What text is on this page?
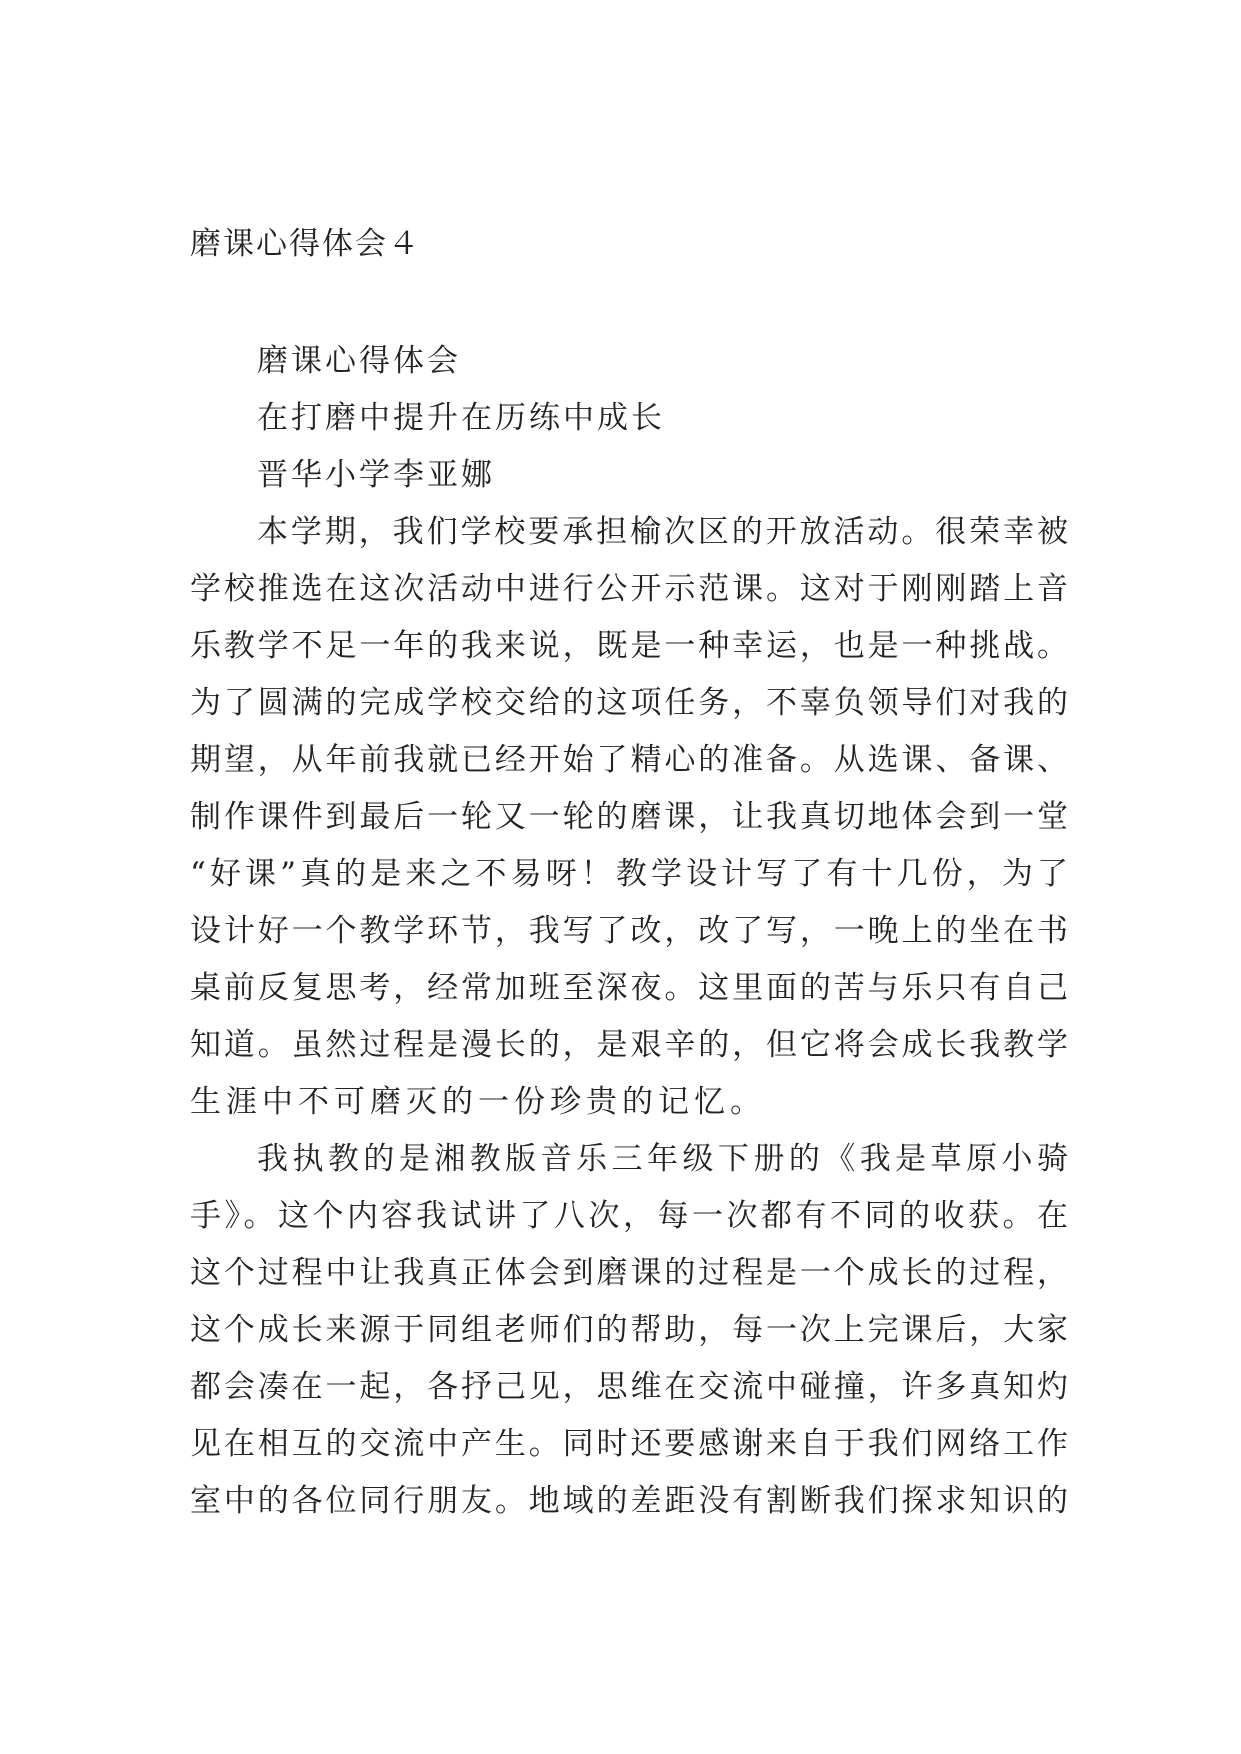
磨课心得体会４
磨课心得体会
在打磨中提升在历练中成长
晋华小学李亚娜
本学期，我们学校要承担榆次区的开放活动。很荣幸被
学校推选在这次活动中进行公开示范课。这对于刚刚踏上音
乐教学不足一年的我来说，既是一种幸运，也是一种挑战。
为了圆满的完成学校交给的这项任务，不辜负领导们对我的
期望，从年前我就已经开始了精心的准备。从选课、备课、
制作课件到最后一轮又一轮的磨课，让我真切地体会到一堂
“好课”真的是来之不易呀！教学设计写了有十几份，为了
设计好一个教学环节，我写了改，改了写，一晚上的坐在书
桌前反复思考，经常加班至深夜。这里面的苦与乐只有自己
知道。虽然过程是漫长的，是艰辛的，但它将会成长我教学
生涯中不可磨灭的一份珍贵的记忆。
我执教的是湘教版音乐三年级下册的《我是草原小骑
手》。这个内容我试讲了八次，每一次都有不同的收获。在
这个过程中让我真正体会到磨课的过程是一个成长的过程，
这个成长来源于同组老师们的帮助，每一次上完课后，大家
都会凑在一起，各抒己见，思维在交流中碰撞，许多真知灼
见在相互的交流中产生。同时还要感谢来自于我们网络工作
室中的各位同行朋友。地域的差距没有割断我们探求知识的
